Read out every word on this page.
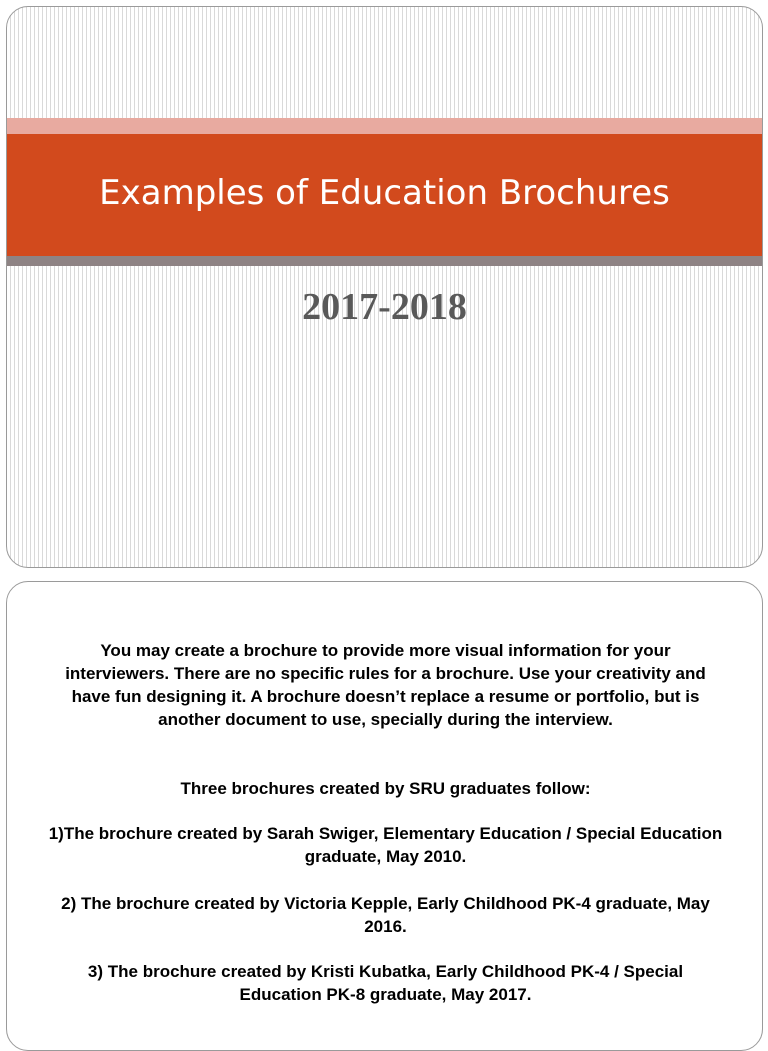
Examples of Education Brochures
2017-2018

You may create a brochure to provide more visual information for your interviewers. There are no specific rules for a brochure. Use your creativity and have fun designing it. A brochure doesn’t replace a resume or portfolio, but is another document to use, specially during the interview.

Three brochures created by SRU graduates follow:

1)The brochure created by Sarah Swiger, Elementary Education / Special Education graduate, May 2010.

2) The brochure created by Victoria Kepple, Early Childhood PK-4 graduate, May 2016.

3) The brochure created by Kristi Kubatka, Early Childhood PK-4 / Special Education PK-8 graduate, May 2017.
